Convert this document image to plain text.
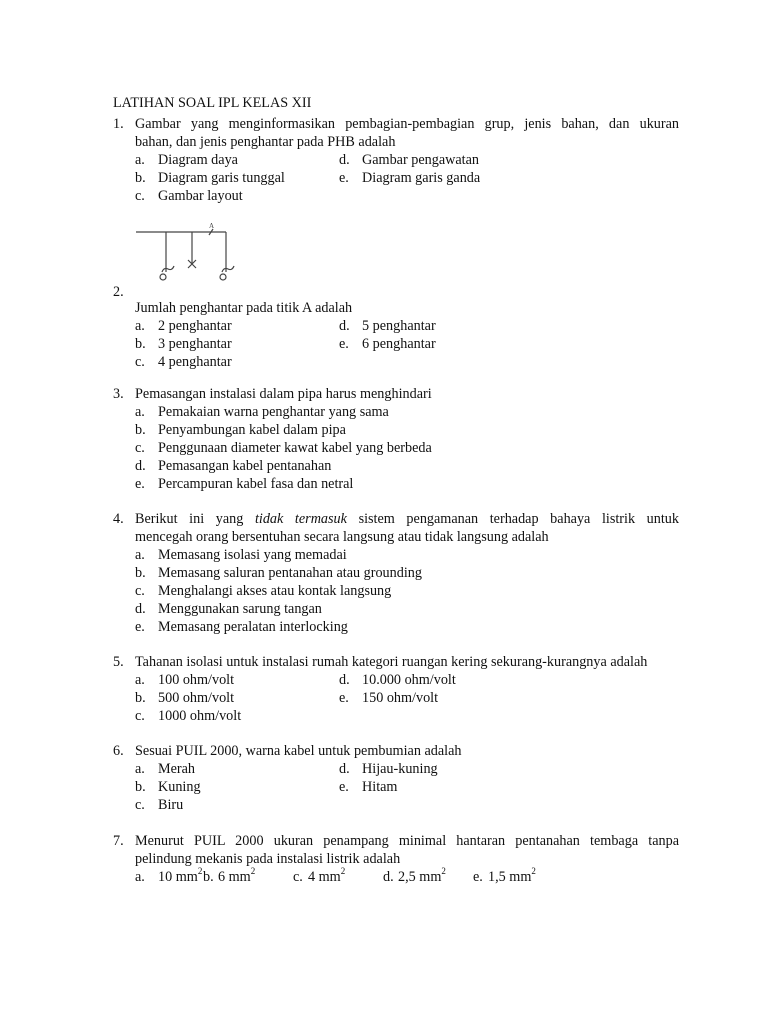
LATIHAN SOAL IPL KELAS XII
1. Gambar yang menginformasikan pembagian-pembagian grup, jenis bahan, dan ukuran
bahan, dan jenis penghantar pada PHB adalah
a. Diagram daya	d. Gambar pengawatan
b. Diagram garis tunggal	e. Diagram garis ganda
c. Gambar layout
A
2.
Jumlah penghantar pada titik A adalah
a. 2 penghantar	d. 5 penghantar
b. 3 penghantar	e. 6 penghantar
c. 4 penghantar
3. Pemasangan instalasi dalam pipa harus menghindari
a. Pemakaian warna penghantar yang sama
b. Penyambungan kabel dalam pipa
c. Penggunaan diameter kawat kabel yang berbeda
d. Pemasangan kabel pentanahan
e. Percampuran kabel fasa dan netral
4. Berikut ini yang tidak termasuk sistem pengamanan terhadap bahaya listrik untuk
mencegah orang bersentuhan secara langsung atau tidak langsung adalah
a. Memasang isolasi yang memadai
b. Memasang saluran pentanahan atau grounding
c. Menghalangi akses atau kontak langsung
d. Menggunakan sarung tangan
e. Memasang peralatan interlocking
5. Tahanan isolasi untuk instalasi rumah kategori ruangan kering sekurang-kurangnya adalah
a. 100 ohm/volt	d. 10.000 ohm/volt
b. 500 ohm/volt	e. 150 ohm/volt
c. 1000 ohm/volt
6. Sesuai PUIL 2000, warna kabel untuk pembumian adalah
a. Merah	d. Hijau-kuning
b. Kuning	e. Hitam
c. Biru
7. Menurut PUIL 2000 ukuran penampang minimal hantaran pentanahan tembaga tanpa
pelindung mekanis pada instalasi listrik adalah
a. 10 $mm^2$ b. 6 $mm^2$	c. 4 $mm^2$	d. 2,5 $mm^2$ e. 1,5 $mm^2$
